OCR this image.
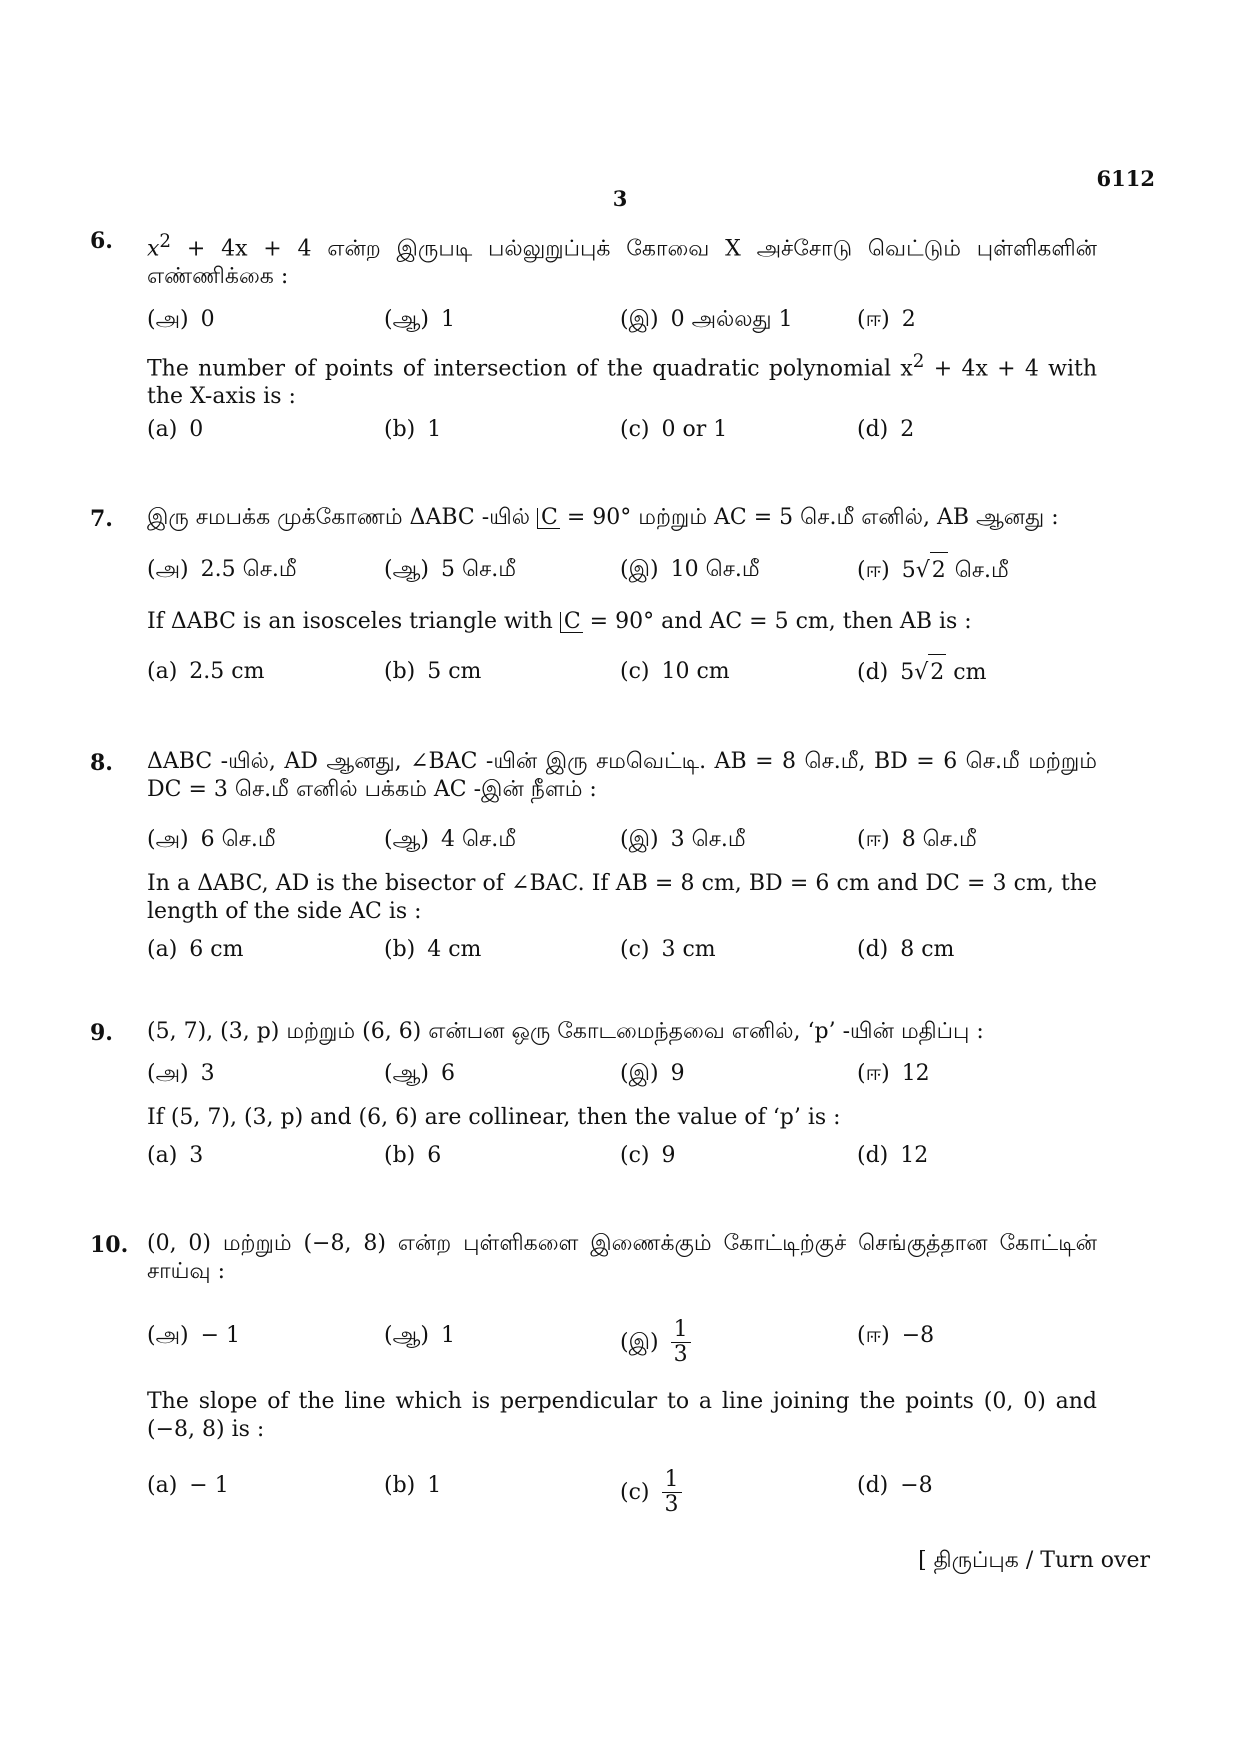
6112
3
6. $x^2 + 4x + 4$ என்ற இருபடி பல்லுறுப்புக் கோவை X அச்சோடு வெட்டும் புள்ளிகளின் எண்ணிக்கை :
(அ) 0	(ஆ) 1	(இ) 0 அல்லது 1	(ஈ) 2
The number of points of intersection of the quadratic polynomial $x^2 + 4x + 4$ with the X-axis is :
(a) 0	(b) 1	(c) 0 or 1	(d) 2
7. இரு சமபக்க முக்கோணம் ΔABC -யில் C = 90° மற்றும் AC = 5 செ.மீ எனில், AB ஆனது :
(அ) 2.5 செ.மீ	(ஆ) 5 செ.மீ	(இ) 10 செ.மீ	(ஈ) 5√2 செ.மீ
If ΔABC is an isosceles triangle with C = 90° and AC = 5 cm, then AB is :
(a) 2.5 cm	(b) 5 cm	(c) 10 cm	(d) 5√2 cm
8. ΔABC -யில், AD ஆனது, ∠BAC -யின் இரு சமவெட்டி. AB = 8 செ.மீ, BD = 6 செ.மீ மற்றும் DC = 3 செ.மீ எனில் பக்கம் AC -இன் நீளம் :
(அ) 6 செ.மீ	(ஆ) 4 செ.மீ	(இ) 3 செ.மீ	(ஈ) 8 செ.மீ
In a ΔABC, AD is the bisector of ∠BAC. If AB = 8 cm, BD = 6 cm and DC = 3 cm, the length of the side AC is :
(a) 6 cm	(b) 4 cm	(c) 3 cm	(d) 8 cm
9. (5, 7), (3, p) மற்றும் (6, 6) என்பன ஒரு கோடமைந்தவை எனில், ‘p’ -யின் மதிப்பு :
(அ) 3	(ஆ) 6	(இ) 9	(ஈ) 12
If (5, 7), (3, p) and (6, 6) are collinear, then the value of ‘p’ is :
(a) 3	(b) 6	(c) 9	(d) 12
10. (0, 0) மற்றும் (−8, 8) என்ற புள்ளிகளை இணைக்கும் கோட்டிற்குச் செங்குத்தான கோட்டின் சாய்வு :
(அ) − 1	(ஆ) 1	(இ) $\frac{1}{3}$	(ஈ) −8
The slope of the line which is perpendicular to a line joining the points (0, 0) and (−8, 8) is :
(a) − 1	(b) 1	$(c) \frac{1}{3}$	(d) −8
[ திருப்புக / Turn over
